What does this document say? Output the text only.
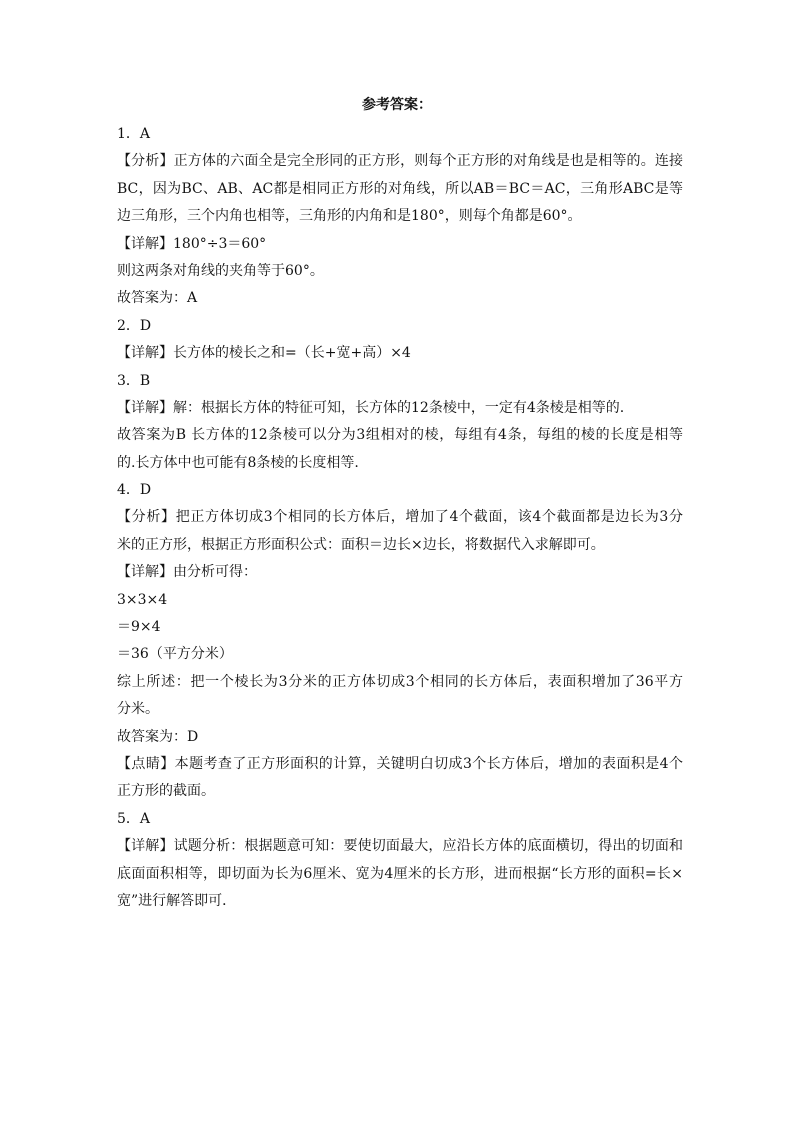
参考答案：
1．A
【分析】正方体的六面全是完全形同的正方形，则每个正方形的对角线是也是相等的。连接
BC，因为BC、AB、AC都是相同正方形的对角线，所以AB＝BC＝AC，三角形ABC是等
边三角形，三个内角也相等，三角形的内角和是180°，则每个角都是60°。
【详解】180°÷3＝60°
则这两条对角线的夹角等于60°。
故答案为：A
2．D
【详解】长方体的棱长之和=（长+宽+高）×4
3．B
【详解】解：根据长方体的特征可知，长方体的12条棱中，一定有4条棱是相等的.
故答案为B 长方体的12条棱可以分为3组相对的棱，每组有4条，每组的棱的长度是相等
的.长方体中也可能有8条棱的长度相等.
4．D
【分析】把正方体切成3个相同的长方体后，增加了4个截面，该4个截面都是边长为3分
米的正方形，根据正方形面积公式：面积＝边长×边长，将数据代入求解即可。
【详解】由分析可得：
3×3×4
＝9×4
＝36（平方分米）
综上所述：把一个棱长为3分米的正方体切成3个相同的长方体后，表面积增加了36平方
分米。
故答案为：D
【点睛】本题考查了正方形面积的计算，关键明白切成3个长方体后，增加的表面积是4个
正方形的截面。
5．A
【详解】试题分析：根据题意可知：要使切面最大，应沿长方体的底面横切，得出的切面和
底面面积相等，即切面为长为6厘米、宽为4厘米的长方形，进而根据“长方形的面积=长×
宽”进行解答即可．
